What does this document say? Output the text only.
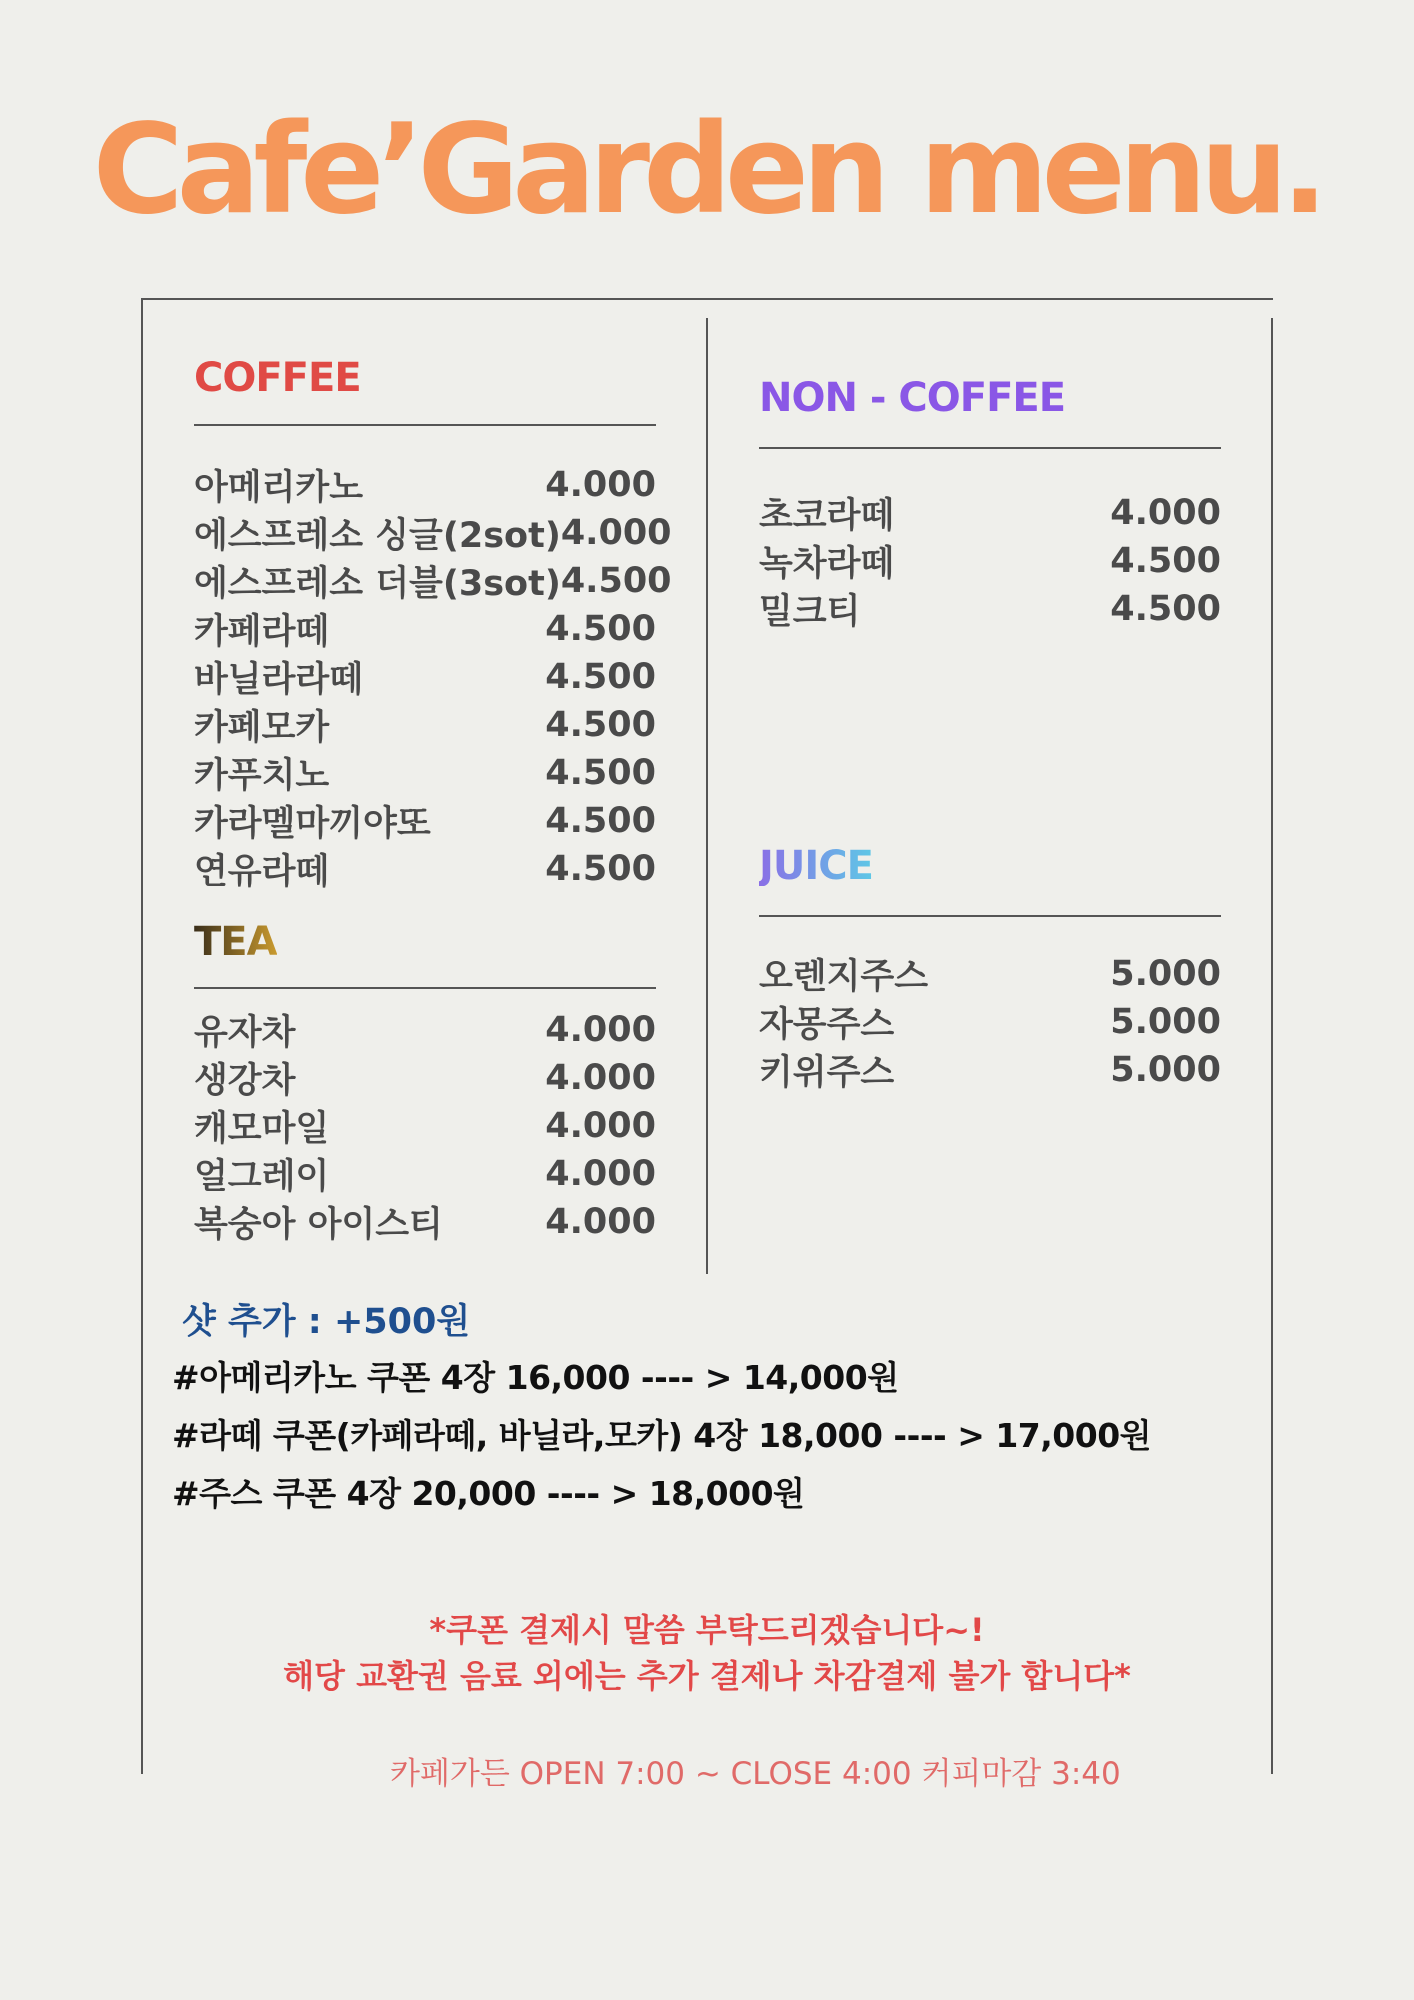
Cafe’Garden menu.
COFFEE
아메리카노	4.000
에스프레소 싱글(2sot) 4.000
에스프레소 더블(3sot) 4.500
카페라떼	4.500
바닐라라떼	4.500
카페모카	4.500
카푸치노	4.500
카라멜마끼야또	4.500
연유라떼	4.500
TEA
유자차	4.000
생강차	4.000
캐모마일	4.000
얼그레이	4.000
복숭아 아이스티	4.000
NON - COFFEE
초코라떼	4.000
녹차라떼	4.500
밀크티	4.500
JUICE
오렌지주스	5.000
자몽주스	5.000
키위주스	5.000
샷 추가 : +500원
#아메리카노 쿠폰 4장 16,000 ---- > 14,000원
#라떼 쿠폰(카페라떼, 바닐라,모카) 4장 18,000 ---- > 17,000원
#주스 쿠폰 4장 20,000 ---- > 18,000원
*쿠폰 결제시 말씀 부탁드리겠습니다~!
해당 교환권 음료 외에는 추가 결제나 차감결제 불가 합니다*
카페가든 OPEN 7:00 ~ CLOSE 4:00 커피마감 3:40
